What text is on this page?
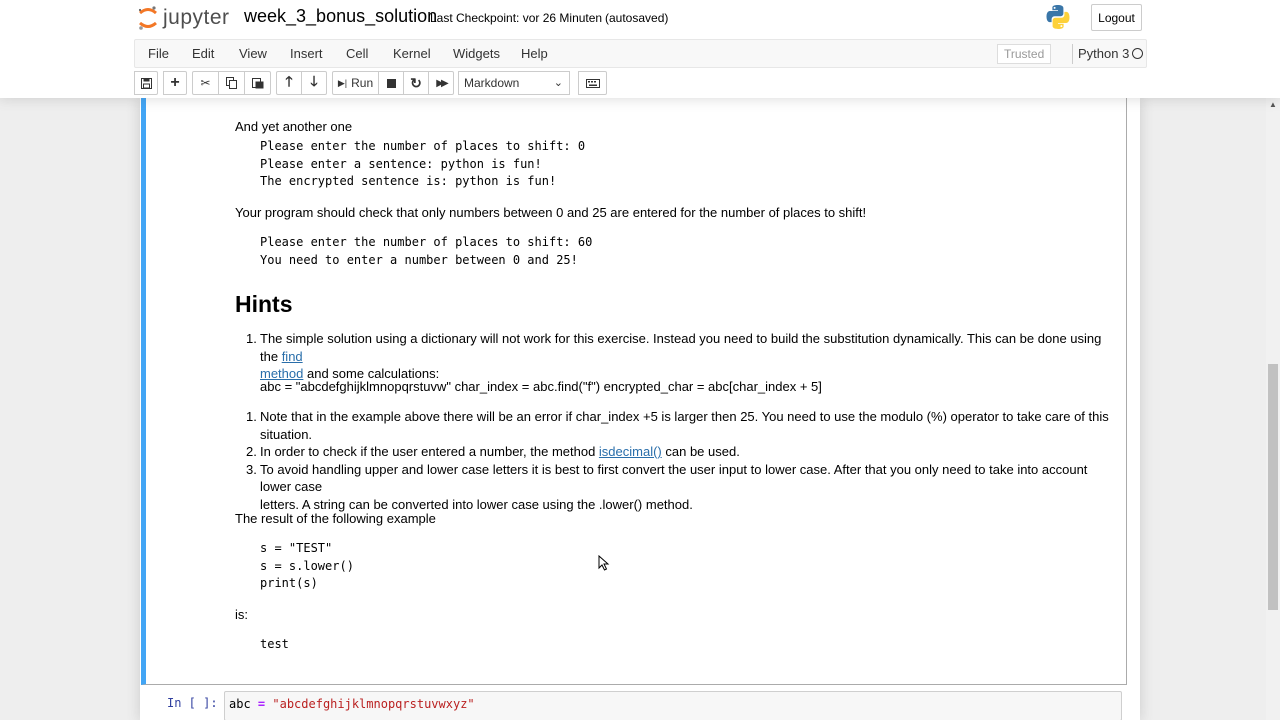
jupyter week_3_bonus_solution
Last Checkpoint: vor 26 Minuten (autosaved)	Logout
File Edit View Insert Cell Kernel Widgets Help	Trusted	Python 3
+ ✂	🡑 🡓 ▶| Run	↻ ▶▶ Markdown	⌄
And yet another one
Please enter the number of places to shift: 0
Please enter a sentence: python is fun!
The encrypted sentence is: python is fun!
Your program should check that only numbers between 0 and 25 are entered for the number of places to shift!
Please enter the number of places to shift: 60
You need to enter a number between 0 and 25!
Hints
1. The simple solution using a dictionary will not work for this exercise. Instead you need to build the substitution dynamically. This can be done using the find
method and some calculations:
abc = "abcdefghijklmnopqrstuvw" char_index = abc.find("f") encrypted_char = abc[char_index + 5]
1. Note that in the example above there will be an error if char_index +5 is larger then 25. You need to use the modulo (%) operator to take care of this
situation.
2. In order to check if the user entered a number, the method isdecimal() can be used.
3. To avoid handling upper and lower case letters it is best to first convert the user input to lower case. After that you only need to take into account lower case
letters. A string can be converted into lower case using the .lower() method.
The result of the following example
s = "TEST"
s = s.lower()
print(s)
is:
test
In [ ]: abc = "abcdefghijklmnopqrstuvwxyz"
▲
